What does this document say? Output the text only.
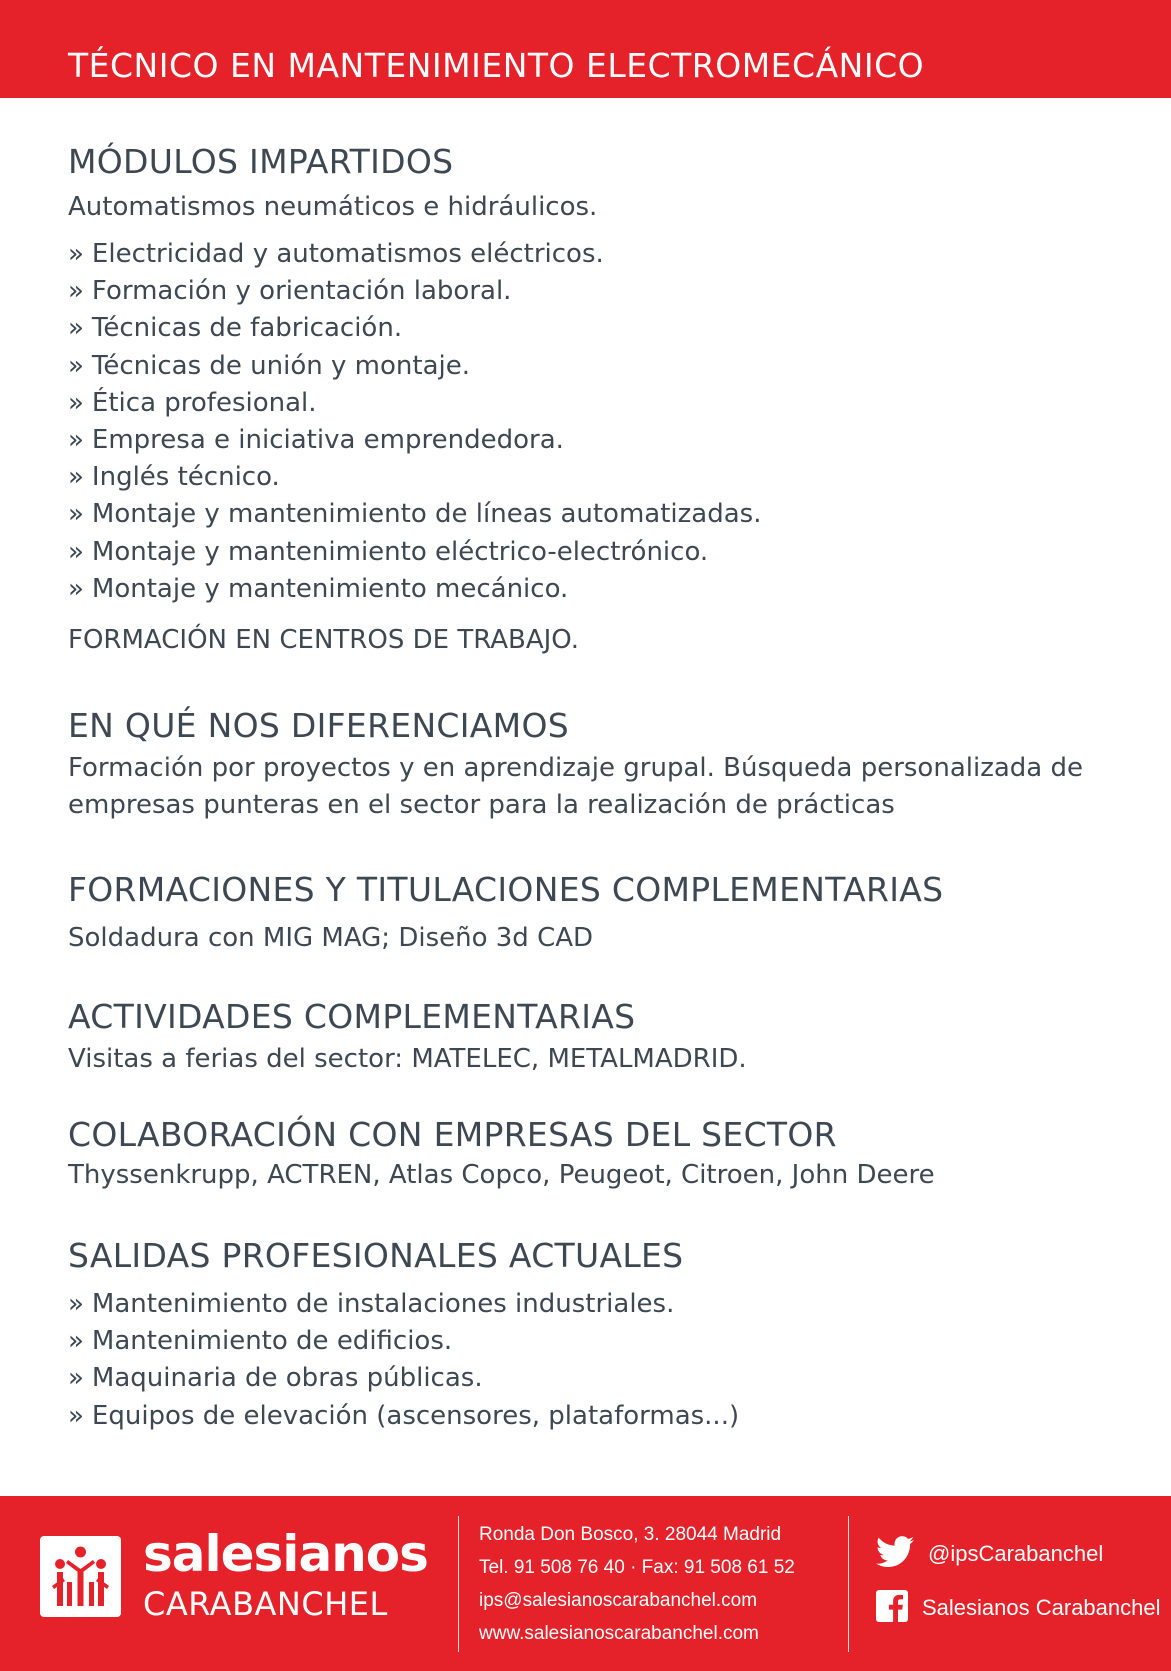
TÉCNICO EN MANTENIMIENTO ELECTROMECÁNICO
MÓDULOS IMPARTIDOS
Automatismos neumáticos e hidráulicos.
» Electricidad y automatismos eléctricos.
» Formación y orientación laboral.
» Técnicas de fabricación.
» Técnicas de unión y montaje.
» Ética profesional.
» Empresa e iniciativa emprendedora.
» Inglés técnico.
» Montaje y mantenimiento de líneas automatizadas.
» Montaje y mantenimiento eléctrico-electrónico.
» Montaje y mantenimiento mecánico.
FORMACIÓN EN CENTROS DE TRABAJO.
EN QUÉ NOS DIFERENCIAMOS
Formación por proyectos y en aprendizaje grupal. Búsqueda personalizada de empresas punteras en el sector para la realización de prácticas
FORMACIONES Y TITULACIONES COMPLEMENTARIAS
Soldadura con MIG MAG; Diseño 3d CAD
ACTIVIDADES COMPLEMENTARIAS
Visitas a ferias del sector: MATELEC, METALMADRID.
COLABORACIÓN CON EMPRESAS DEL SECTOR
Thyssenkrupp, ACTREN, Atlas Copco, Peugeot, Citroen, John Deere
SALIDAS PROFESIONALES ACTUALES
» Mantenimiento de instalaciones industriales.
» Mantenimiento de edificios.
» Maquinaria de obras públicas.
» Equipos de elevación (ascensores, plataformas...)
salesianos
CARABANCHEL
Ronda Don Bosco, 3. 28044 Madrid
Tel. 91 508 76 40 · Fax: 91 508 61 52
ips@salesianoscarabanchel.com
www.salesianoscarabanchel.com
@ipsCarabanchel
Salesianos Carabanchel
